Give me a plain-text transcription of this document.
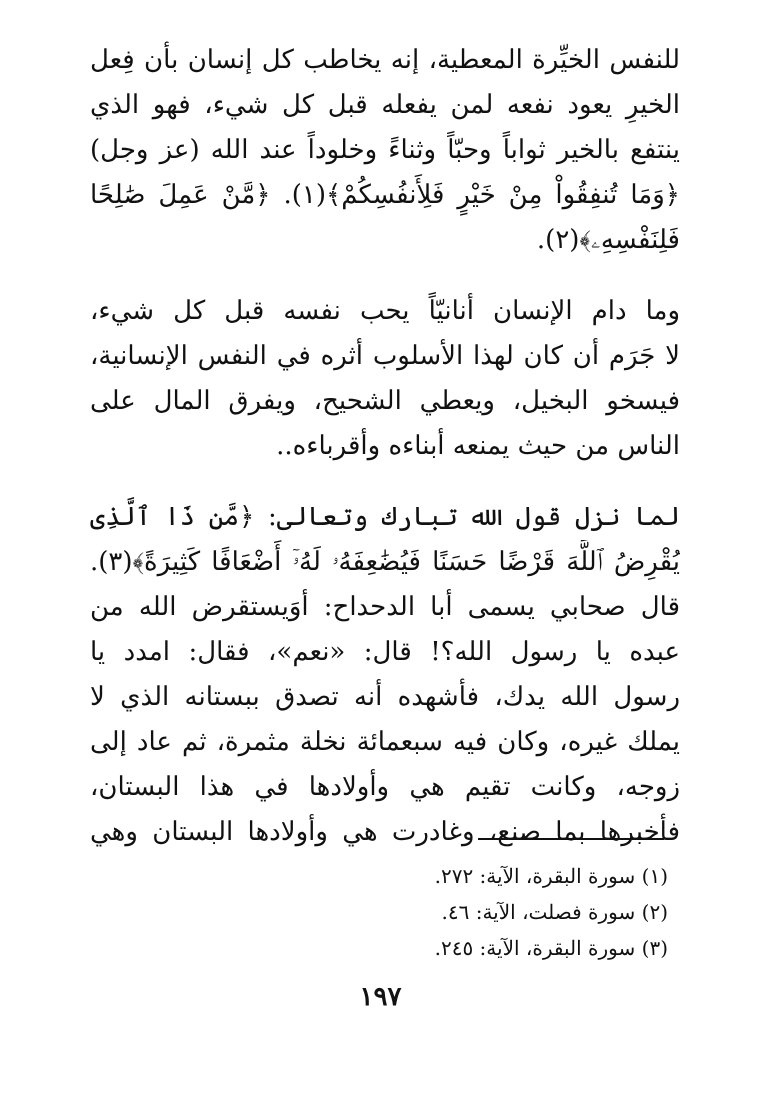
للنفس الخيِّرة المعطية، إنه يخاطب كل إنسان بأن فِعل
الخيرِ يعود نفعه لمن يفعله قبل كل شيء، فهو الذي
ينتفع بالخير ثواباً وحبّاً وثناءً وخلوداً عند الله (عز وجل)
﴿وَمَا تُنفِقُواْ مِنْ خَيْرٍ فَلِأَنفُسِكُمْ﴾(١). ﴿مَّنْ عَمِلَ صَٰلِحًا
فَلِنَفْسِهِۦ﴾(٢).
وما دام الإنسان أنانيّاً يحب نفسه قبل كل شيء،
لا جَرَم أن كان لهذا الأسلوب أثره في النفس الإنسانية،
فيسخو البخيل، ويعطي الشحيح، ويفرق المال على
الناس من حيث يمنعه أبناءه وأقرباءه..
لما نزل قول الله تبارك وتعالى: ﴿مَّن ذَا ٱلَّذِى
يُقْرِضُ ٱللَّهَ قَرْضًا حَسَنًا فَيُضَٰعِفَهُۥ لَهُۥٓ أَضْعَافًا كَثِيرَةً﴾(٣).
قال صحابي يسمى أبا الدحداح: أوَيستقرض الله من
عبده يا رسول الله؟! قال: «نعم»، فقال: امدد يا
رسول الله يدك، فأشهده أنه تصدق ببستانه الذي لا
يملك غيره، وكان فيه سبعمائة نخلة مثمرة، ثم عاد إلى
زوجه، وكانت تقيم هي وأولادها في هذا البستان،
فأخبرها بما صنع، وغادرت هي وأولادها البستان وهي
(١) سورة البقرة، الآية: ٢٧٢.
(٢) سورة فصلت، الآية: ٤٦.
(٣) سورة البقرة، الآية: ٢٤٥.
١٩٧
